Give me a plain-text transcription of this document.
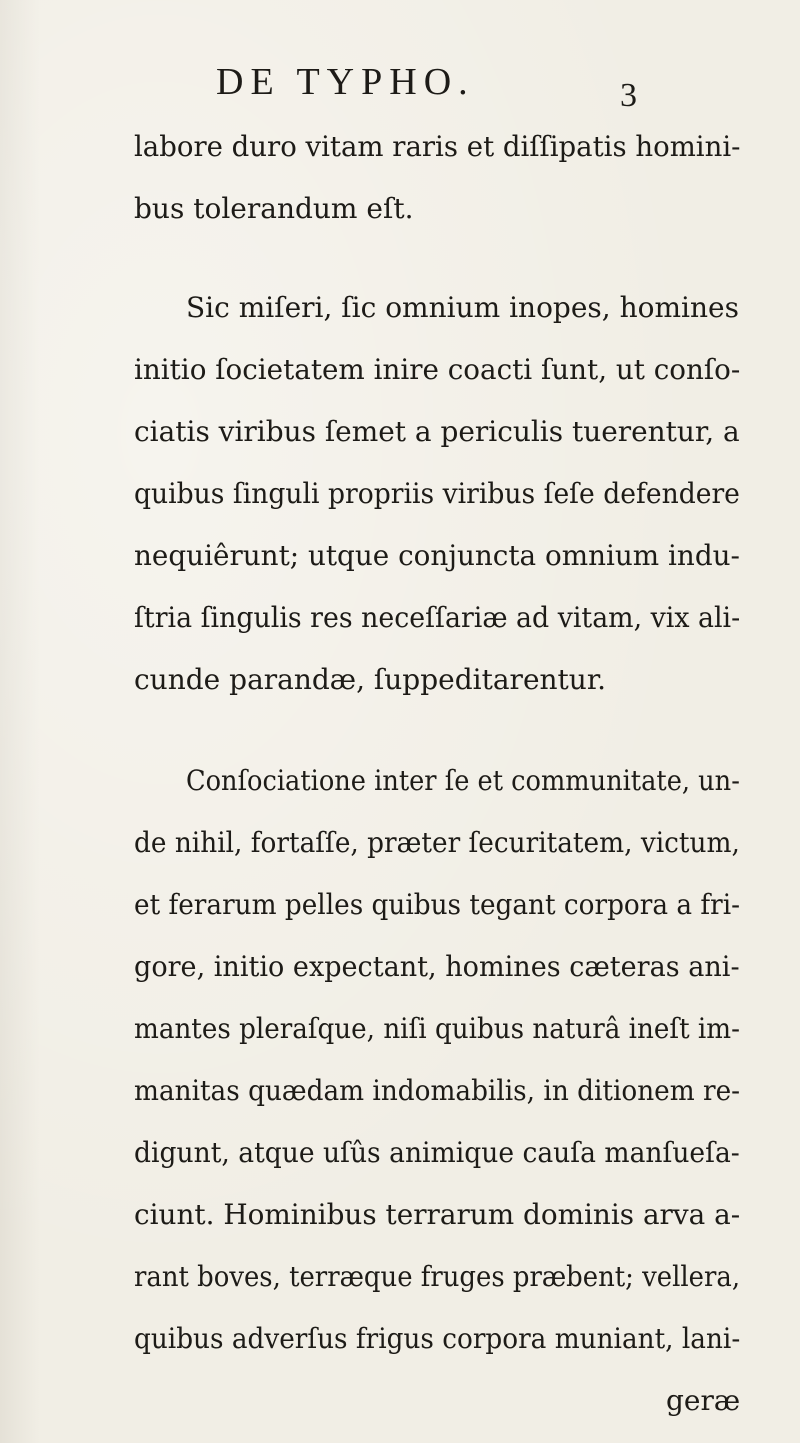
DE TYPHO.	3
labore duro vitam raris et diſſipatis homini-
bus tolerandum eſt.
Sic miſeri, ſic omnium inopes, homines
initio ſocietatem inire coacti ſunt, ut conſo-
ciatis viribus ſemet a periculis tuerentur, a
quibus ſinguli propriis viribus ſeſe defendere
nequiêrunt; utque conjuncta omnium indu-
ſtria ſingulis res neceſſariæ ad vitam, vix ali-
cunde parandæ, ſuppeditarentur.
Conſociatione inter ſe et communitate, un-
de nihil, fortaſſe, præter ſecuritatem, victum,
et ferarum pelles quibus tegant corpora a fri-
gore, initio expectant, homines cæteras ani-
mantes pleraſque, niſi quibus naturâ ineſt im-
manitas quædam indomabilis, in ditionem re-
digunt, atque uſûs animique cauſa manſueſa-
ciunt. Hominibus terrarum dominis arva a-
rant boves, terræque fruges præbent; vellera,
quibus adverſus frigus corpora muniant, lani-
geræ
